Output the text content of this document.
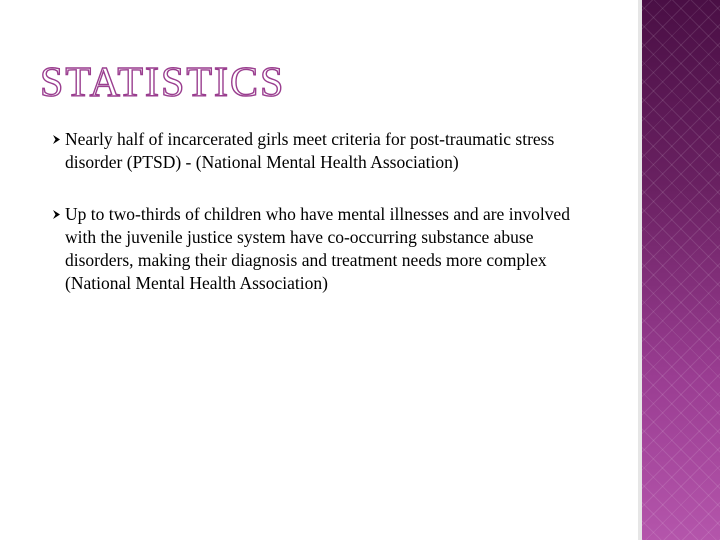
STATISTICS
Nearly half of incarcerated girls meet criteria for post-traumatic stress disorder (PTSD) - (National Mental Health Association)
Up to two-thirds of children who have mental illnesses and are involved with the juvenile justice system have co-occurring substance abuse disorders, making their diagnosis and treatment needs more complex (National Mental Health Association)
